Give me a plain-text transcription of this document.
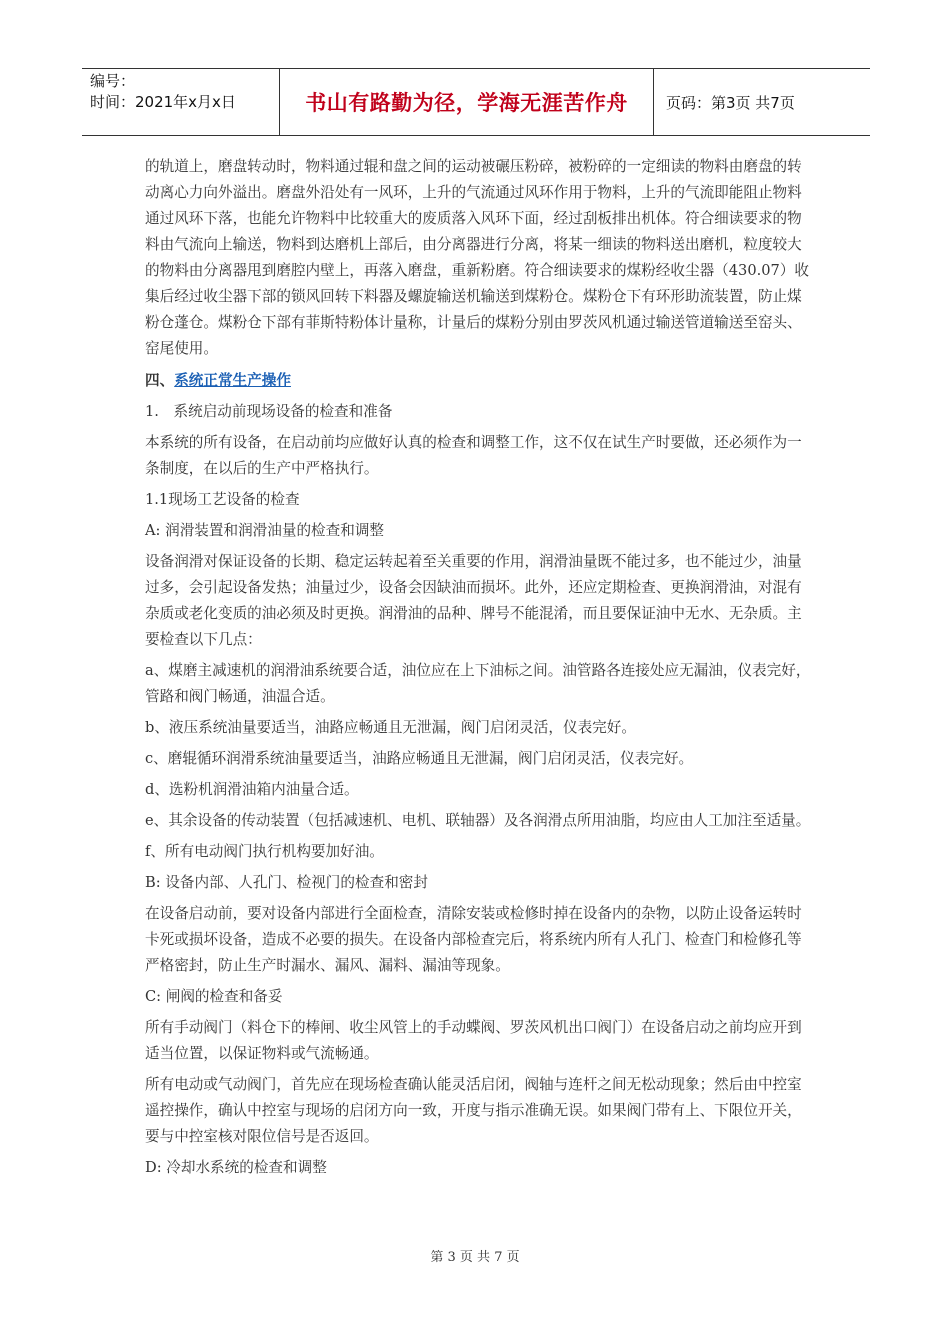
编号：
时间：2021年x月x日	书山有路勤为径，学海无涯苦作舟	页码：第3页 共7页

的轨道上，磨盘转动时，物料通过辊和盘之间的运动被碾压粉碎，被粉碎的一定细读的物料由磨盘的转动离心力向外溢出。磨盘外沿处有一风环，上升的气流通过风环作用于物料，上升的气流即能阻止物料通过风环下落，也能允许物料中比较重大的废质落入风环下面，经过刮板排出机体。符合细读要求的物料由气流向上输送，物料到达磨机上部后，由分离器进行分离，将某一细读的物料送出磨机，粒度较大的物料由分离器甩到磨腔内壁上，再落入磨盘，重新粉磨。符合细读要求的煤粉经收尘器（430.07）收集后经过收尘器下部的锁风回转下料器及螺旋输送机输送到煤粉仓。煤粉仓下有环形助流装置，防止煤粉仓蓬仓。煤粉仓下部有菲斯特粉体计量称，计量后的煤粉分别由罗茨风机通过输送管道输送至窑头、窑尾使用。

四、系统正常生产操作

1.　系统启动前现场设备的检查和准备

本系统的所有设备，在启动前均应做好认真的检查和调整工作，这不仅在试生产时要做，还必须作为一条制度，在以后的生产中严格执行。

1.1现场工艺设备的检查

A: 润滑装置和润滑油量的检查和调整

设备润滑对保证设备的长期、稳定运转起着至关重要的作用，润滑油量既不能过多，也不能过少，油量过多，会引起设备发热；油量过少，设备会因缺油而损坏。此外，还应定期检查、更换润滑油，对混有杂质或老化变质的油必须及时更换。润滑油的品种、牌号不能混淆，而且要保证油中无水、无杂质。主要检查以下几点：

a、煤磨主减速机的润滑油系统要合适，油位应在上下油标之间。油管路各连接处应无漏油，仪表完好，管路和阀门畅通，油温合适。

b、液压系统油量要适当，油路应畅通且无泄漏，阀门启闭灵活，仪表完好。

c、磨辊循环润滑系统油量要适当，油路应畅通且无泄漏，阀门启闭灵活，仪表完好。

d、选粉机润滑油箱内油量合适。

e、其余设备的传动装置（包括减速机、电机、联轴器）及各润滑点所用油脂，均应由人工加注至适量。

f、所有电动阀门执行机构要加好油。

B: 设备内部、人孔门、检视门的检查和密封

在设备启动前，要对设备内部进行全面检查，清除安装或检修时掉在设备内的杂物，以防止设备运转时卡死或损坏设备，造成不必要的损失。在设备内部检查完后，将系统内所有人孔门、检查门和检修孔等严格密封，防止生产时漏水、漏风、漏料、漏油等现象。

C: 闸阀的检查和备妥

所有手动阀门（料仓下的棒闸、收尘风管上的手动蝶阀、罗茨风机出口阀门）在设备启动之前均应开到适当位置，以保证物料或气流畅通。

所有电动或气动阀门，首先应在现场检查确认能灵活启闭，阀轴与连杆之间无松动现象；然后由中控室遥控操作，确认中控室与现场的启闭方向一致，开度与指示准确无误。如果阀门带有上、下限位开关，要与中控室核对限位信号是否返回。

D: 冷却水系统的检查和调整

第 3 页 共 7 页
